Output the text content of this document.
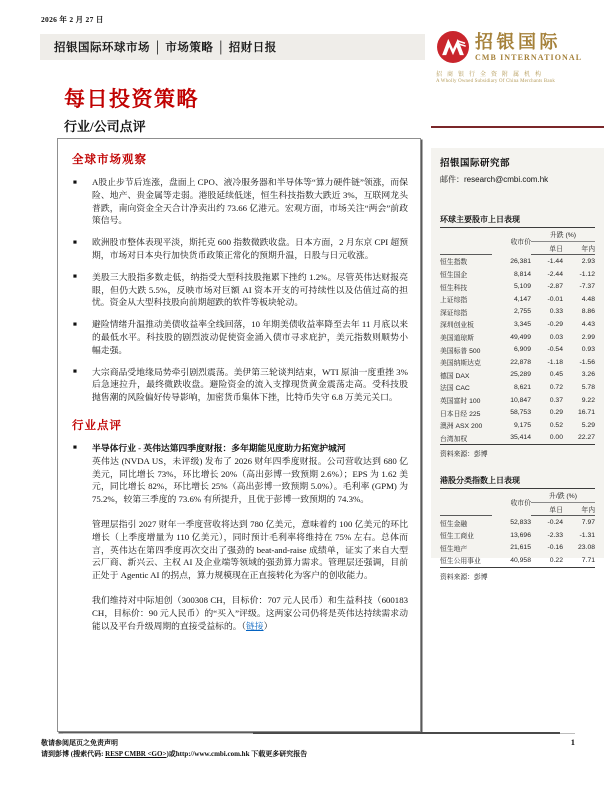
2026 年 2 月 27 日
招银国际环球市场 │ 市场策略 │ 招财日报	招银国际
CMB INTERNATIONAL
招商银行全资附属机构
A Wholly Owned Subsidiary Of China Merchants Bank
每日投资策略
行业/公司点评
全球市场观察
■ A股止步节后连涨，盘面上 CPO、液冷服务器和半导体等“算力硬件链”领涨，而保险、地产、贵金属等走弱。港股延续低迷，恒生科技指数大跌近 3%，互联网龙头普跌，南向资金全天合计净卖出约 73.66 亿港元。宏观方面，市场关注“两会”前政策信号。
■ 欧洲股市整体表现平淡，斯托克 600 指数微跌收盘。日本方面，2 月东京 CPI 超预期，市场对日本央行加快货币政策正常化的预期升温，日股与日元收涨。
■ 美股三大股指多数走低，纳指受大型科技股拖累下挫约 1.2%。尽管英伟达财报亮眼，但仍大跌 5.5%，反映市场对巨额 AI 资本开支的可持续性以及估值过高的担忧。资金从大型科技股向前期超跌的软件等板块轮动。
■ 避险情绪升温推动美债收益率全线回落，10 年期美债收益率降至去年 11 月底以来的最低水平。科技股的剧烈波动促使资金涌入债市寻求庇护，美元指数则顺势小幅走强。
■ 大宗商品受地缘局势牵引剧烈震荡。美伊第三轮谈判结束，WTI 原油一度重挫 3%后急速拉升，最终微跌收盘。避险资金的流入支撑现货黄金震荡走高。受科技股抛售潮的风险偏好传导影响，加密货币集体下挫，比特币失守 6.8 万美元关口。
行业点评
■ 半导体行业 - 英伟达第四季度财报：多年期能见度助力拓宽护城河
英伟达 (NVDA US，未评级) 发布了 2026 财年四季度财报。公司营收达到 680 亿美元，同比增长 73%，环比增长 20%（高出彭博一致预期 2.6%）；EPS 为 1.62 美元，同比增长 82%，环比增长 25%（高出彭博一致预期 5.0%）。毛利率 (GPM) 为 75.2%，较第三季度的 73.6% 有所提升，且优于彭博一致预期的 74.3%。
管理层指引 2027 财年一季度营收将达到 780 亿美元，意味着约 100 亿美元的环比增长（上季度增量为 110 亿美元），同时预计毛利率将维持在 75% 左右。总体而言，英伟达在第四季度再次交出了强劲的 beat-and-raise 成绩单，证实了来自大型云厂商、新兴云、主权 AI 及企业端等领域的强劲算力需求。管理层还强调，目前正处于 Agentic AI 的拐点，算力规模现在正直接转化为客户的创收能力。
我们维持对中际旭创（300308 CH，目标价：707 元人民币）和生益科技（600183 CH，目标价：90 元人民币）的“买入”评级。这两家公司仍将是英伟达持续需求动能以及平台升级周期的直接受益标的。（链接）
招银国际研究部
邮件：research@cmbi.com.hk
环球主要股市上日表现
	收市价	升跌 (%)	
		单日	年内
恒生指数	26,381	-1.44	2.93
恒生国企	8,814	-2.44	-1.12
恒生科技	5,109	-2.87	-7.37
上证综指	4,147	-0.01	4.48
深证综指	2,755	0.33	8.86
深圳创业板	3,345	-0.29	4.43
美国道琼斯	49,499	0.03	2.99
美国标普 500	6,909	-0.54	0.93
美国纳斯达克	22,878	-1.18	-1.56
德国 DAX	25,289	0.45	3.26
法国 CAC	8,621	0.72	5.78
英国富时 100	10,847	0.37	9.22
日本日经 225	58,753	0.29	16.71
澳洲 ASX 200	9,175	0.52	5.29
台湾加权	35,414	0.00	22.27
资料来源：彭博
港股分类指数上日表现
	收市价	升/跌 (%)	
		单日	年内
恒生金融	52,833	-0.24	7.97
恒生工商业	13,696	-2.33	-1.31
恒生地产	21,615	-0.16	23.08
恒生公用事业	40,958	0.22	7.71
资料来源：彭博
敬请参阅尾页之免责声明
请到彭博 (搜索代码: RESP CMBR <GO>)或http://www.cmbi.com.hk 下载更多研究报告
1
